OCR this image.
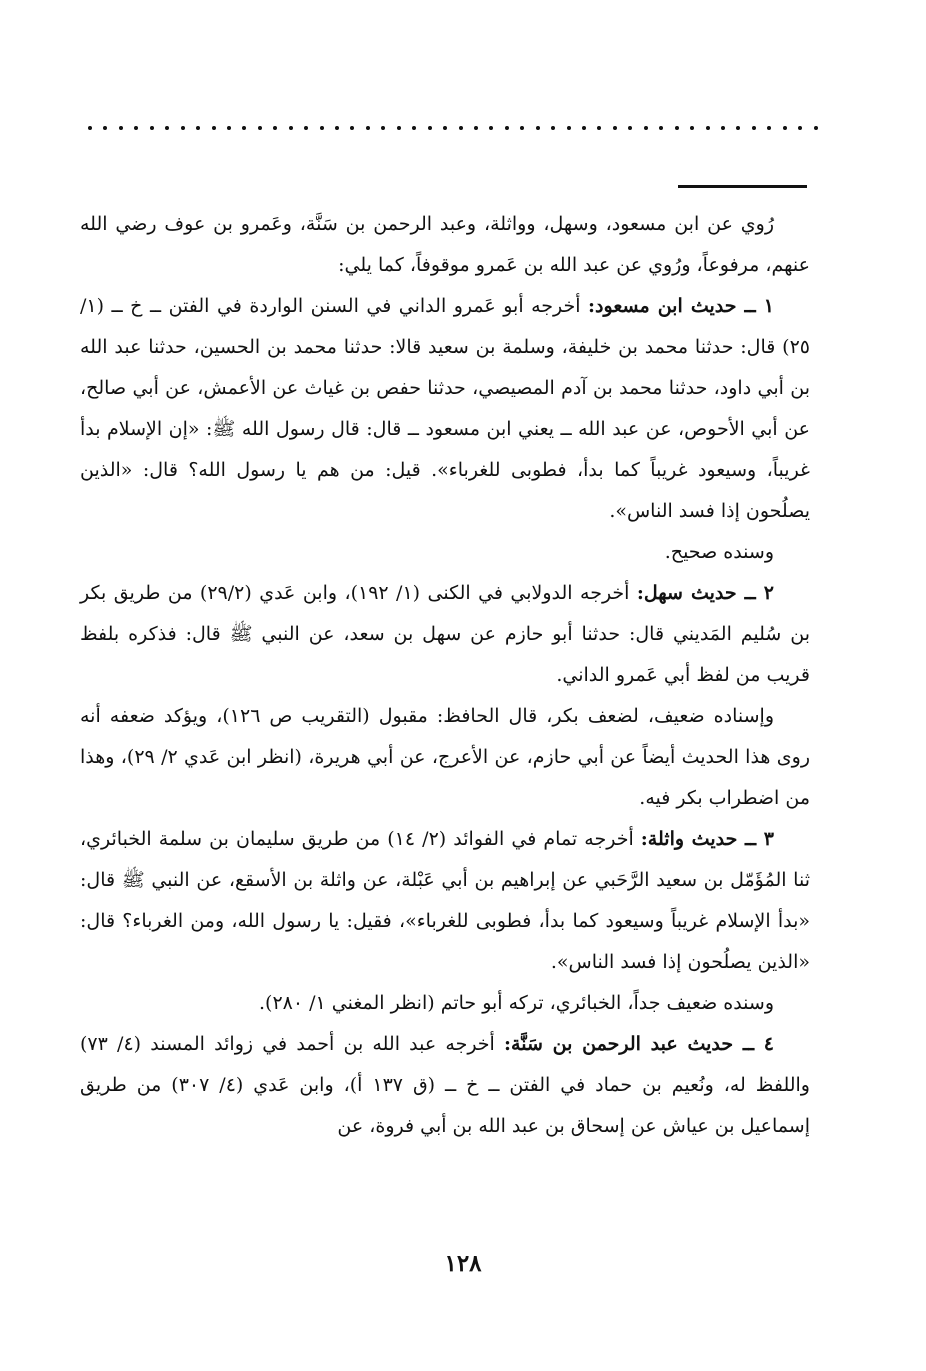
رُوي عن ابن مسعود، وسهل، وواثلة، وعبد الرحمن بن سَنَّة، وعَمرو بن عوف رضي الله عنهم، مرفوعاً، ورُوي عن عبد الله بن عَمرو موقوفاً، كما يلي:

١ ــ حديث ابن مسعود: أخرجه أبو عَمرو الداني في السنن الواردة في الفتن ــ خ ــ (١/ ٢٥) قال: حدثنا محمد بن خليفة، وسلمة بن سعيد قالا: حدثنا محمد بن الحسين، حدثنا عبد الله بن أبي داود، حدثنا محمد بن آدم المصيصي، حدثنا حفص بن غياث عن الأعمش، عن أبي صالح، عن أبي الأحوص، عن عبد الله ــ يعني ابن مسعود ــ قال: قال رسول الله ﷺ: «إن الإسلام بدأ غريباً، وسيعود غريباً كما بدأ، فطوبى للغرباء». قيل: من هم يا رسول الله؟ قال: «الذين يصلُحون إذا فسد الناس».

وسنده صحيح.

٢ ــ حديث سهل: أخرجه الدولابي في الكنى (١/ ١٩٢)، وابن عَدي (٢٩/٢) من طريق بكر بن سُليم المَديني قال: حدثنا أبو حازم عن سهل بن سعد، عن النبي ﷺ قال: فذكره بلفظ قريب من لفظ أبي عَمرو الداني.

وإسناده ضعيف، لضعف بكر، قال الحافظ: مقبول (التقريب ص ١٢٦)، ويؤكد ضعفه أنه روى هذا الحديث أيضاً عن أبي حازم، عن الأعرج، عن أبي هريرة، (انظر ابن عَدي ٢/ ٢٩)، وهذا من اضطراب بكر فيه.

٣ ــ حديث واثلة: أخرجه تمام في الفوائد (٢/ ١٤) من طريق سليمان بن سلمة الخبائري، ثنا المُؤَمّل بن سعيد الرَّحَبي عن إبراهيم بن أبي عَبْلة، عن واثلة بن الأسقع، عن النبي ﷺ قال: «بدأ الإسلام غريباً وسيعود كما بدأ، فطوبى للغرباء»، فقيل: يا رسول الله، ومن الغرباء؟ قال: «الذين يصلُحون إذا فسد الناس».

وسنده ضعيف جداً، الخبائري، تركه أبو حاتم (انظر المغني ١/ ٢٨٠).

٤ ــ حديث عبد الرحمن بن سَنَّة: أخرجه عبد الله بن أحمد في زوائد المسند (٤/ ٧٣) واللفظ له، ونُعيم بن حماد في الفتن ــ خ ــ (ق ١٣٧ أ)، وابن عَدي (٤/ ٣٠٧) من طريق إسماعيل بن عياش عن إسحاق بن عبد الله بن أبي فروة، عن

١٢٨
